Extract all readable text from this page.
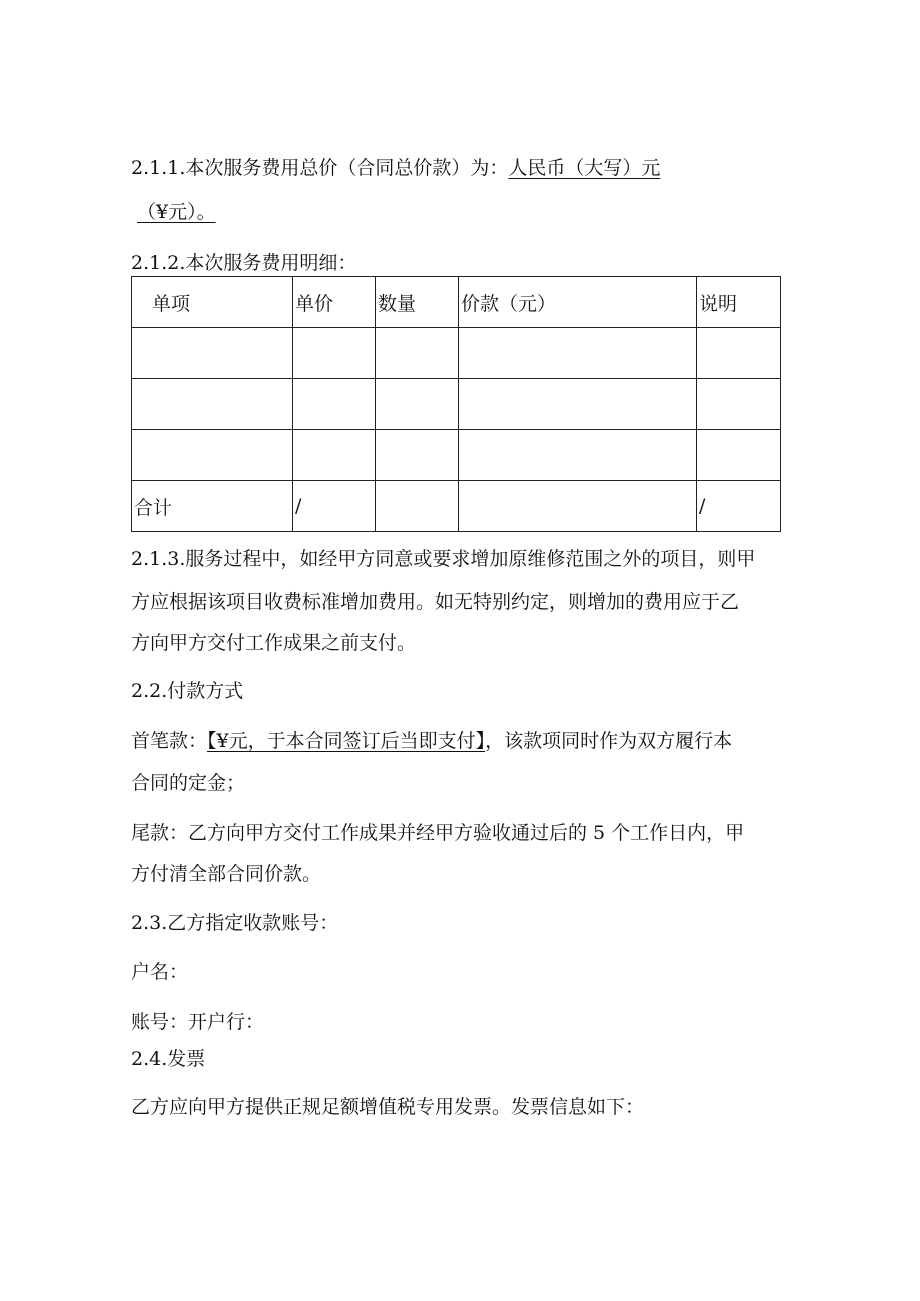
2.1.1.本次服务费用总价（合同总价款）为：人民币（大写）元
（¥元）。
2.1.2.本次服务费用明细：
单项	单价	数量	价款（元）	说明

合计	/			/
2.1.3.服务过程中，如经甲方同意或要求增加原维修范围之外的项目，则甲
方应根据该项目收费标准增加费用。如无特别约定，则增加的费用应于乙
方向甲方交付工作成果之前支付。
2.2.付款方式
首笔款：【¥元，于本合同签订后当即支付】，该款项同时作为双方履行本
合同的定金；
尾款：乙方向甲方交付工作成果并经甲方验收通过后的 5 个工作日内，甲
方付清全部合同价款。
2.3.乙方指定收款账号：
户名：
账号：开户行：
2.4.发票
乙方应向甲方提供正规足额增值税专用发票。发票信息如下：
